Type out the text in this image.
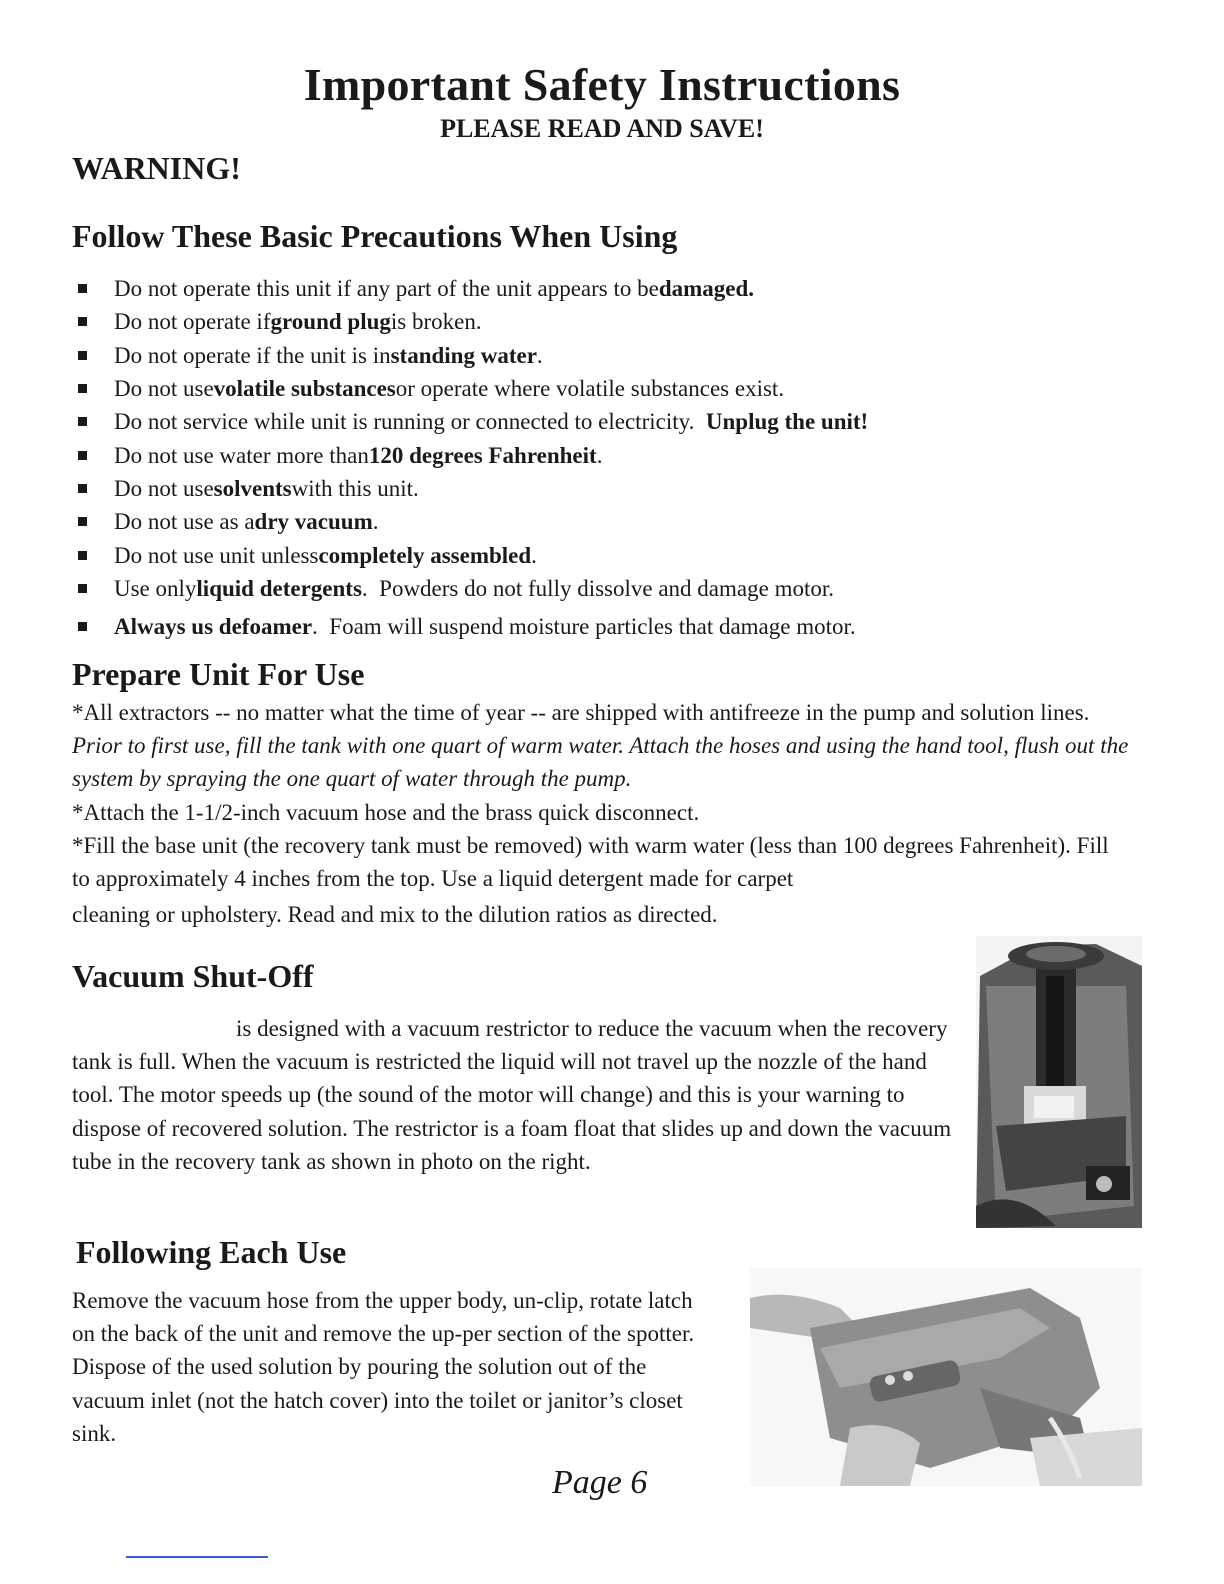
Important Safety Instructions
PLEASE READ AND SAVE!
WARNING!
Follow These Basic Precautions When Using
Do not operate this unit if any part of the unit appears to be damaged.
Do not operate if ground plug is broken.
Do not operate if the unit is in standing water .
Do not use volatile substances or operate where volatile substances exist.
Do not service while unit is running or connected to electricity. Unplug the unit!
Do not use water more than 120 degrees Fahrenheit .
Do not use solvents with this unit.
Do not use as a dry vacuum .
Do not use unit unless completely assembled .
Use only liquid detergents .  Powders do not fully dissolve and damage motor.
Always us defoamer .  Foam will suspend moisture particles that damage motor.
Prepare Unit For Use
*All extractors -- no matter what the time of year -- are shipped with antifreeze in the pump and solution lines. Prior to first use, fill the tank with one quart of warm water. Attach the hoses and using the hand tool, flush out the system by spraying the one quart of water through the pump.
*Attach the 1-1/2-inch vacuum hose and the brass quick disconnect.
*Fill the base unit (the recovery tank must be removed) with warm water (less than 100 degrees Fahrenheit). Fill to approximately 4 inches from the top. Use a liquid detergent made for carpet
cleaning or upholstery. Read and mix to the dilution ratios as directed.
Vacuum Shut-Off
is designed with a vacuum restrictor to reduce the vacuum when the recovery tank is full. When the vacuum is restricted the liquid will not travel up the nozzle of the hand tool. The motor speeds up (the sound of the motor will change) and this is your warning to dispose of recovered solution. The restrictor is a foam float that slides up and down the vacuum tube in the recovery tank as shown in photo on the right.
Following Each Use
Remove the vacuum hose from the upper body, un-clip, rotate latch on the back of the unit and remove the up-per section of the spotter. Dispose of the used solution by pouring the solution out of the vacuum inlet (not the hatch cover) into the toilet or janitor’s closet sink.
Page 6
